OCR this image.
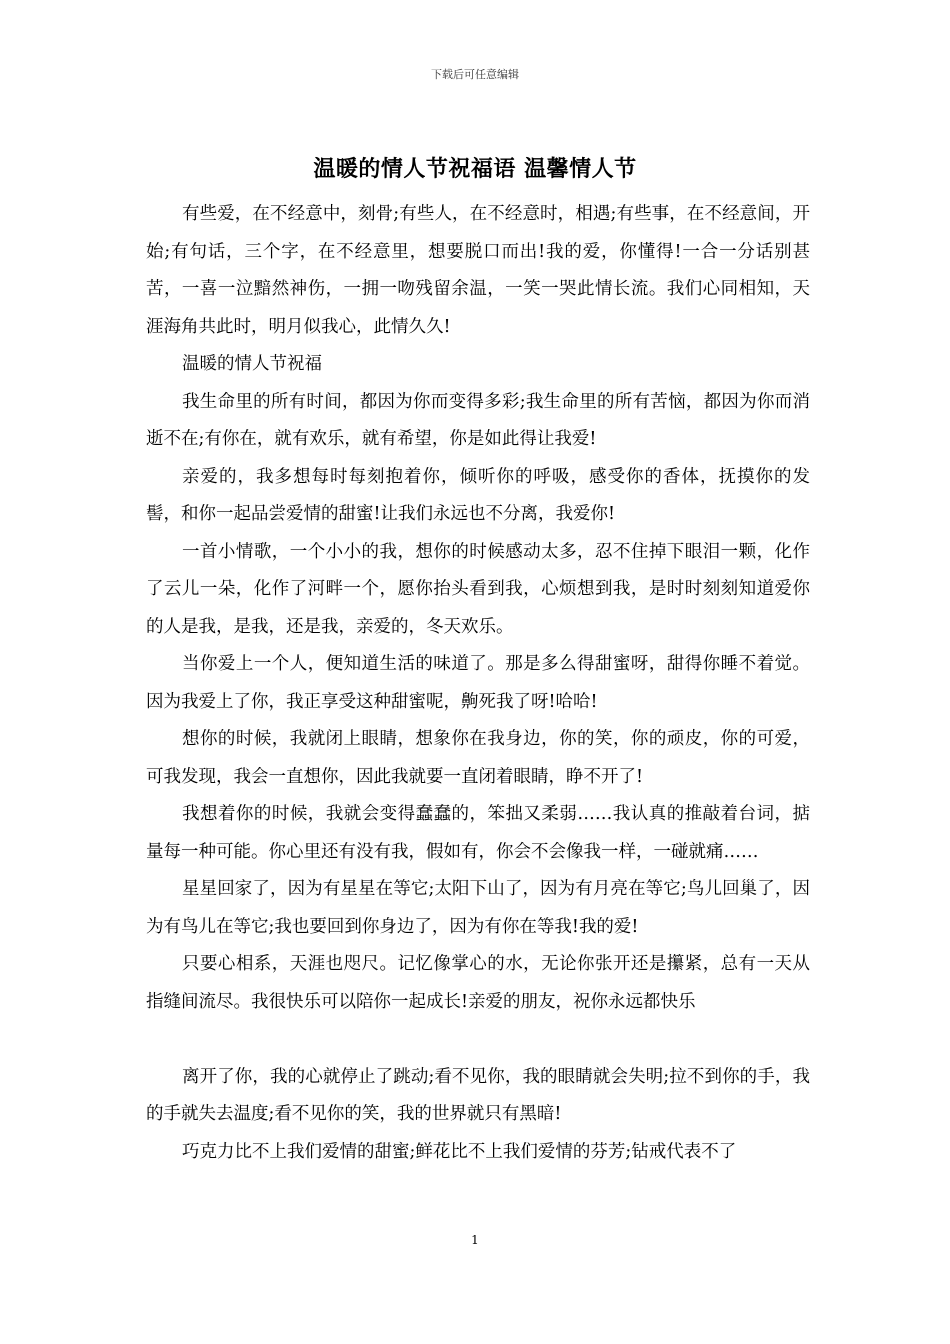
下载后可任意编辑
温暖的情人节祝福语 温馨情人节

有些爱，在不经意中，刻骨;有些人，在不经意时，相遇;有些事，在不经意间，开始;有句话，三个字，在不经意里，想要脱口而出!我的爱，你懂得!一合一分话别甚苦，一喜一泣黯然神伤，一拥一吻残留余温，一笑一哭此情长流。我们心同相知，天涯海角共此时，明月似我心，此情久久!

温暖的情人节祝福

我生命里的所有时间，都因为你而变得多彩;我生命里的所有苦恼，都因为你而消逝不在;有你在，就有欢乐，就有希望，你是如此得让我爱!

亲爱的，我多想每时每刻抱着你，倾听你的呼吸，感受你的香体，抚摸你的发髻，和你一起品尝爱情的甜蜜!让我们永远也不分离，我爱你!

一首小情歌，一个小小的我，想你的时候感动太多，忍不住掉下眼泪一颗，化作了云儿一朵，化作了河畔一个，愿你抬头看到我，心烦想到我，是时时刻刻知道爱你的人是我，是我，还是我，亲爱的，冬天欢乐。

当你爱上一个人，便知道生活的味道了。那是多么得甜蜜呀，甜得你睡不着觉。因为我爱上了你，我正享受这种甜蜜呢，齁死我了呀!哈哈!

想你的时候，我就闭上眼睛，想象你在我身边，你的笑，你的顽皮，你的可爱，可我发现，我会一直想你，因此我就要一直闭着眼睛，睁不开了!

我想着你的时候，我就会变得蠢蠢的，笨拙又柔弱……我认真的推敲着台词，掂量每一种可能。你心里还有没有我，假如有，你会不会像我一样，一碰就痛……

星星回家了，因为有星星在等它;太阳下山了，因为有月亮在等它;鸟儿回巢了，因为有鸟儿在等它;我也要回到你身边了，因为有你在等我!我的爱!

只要心相系，天涯也咫尺。记忆像掌心的水，无论你张开还是攥紧，总有一天从指缝间流尽。我很快乐可以陪你一起成长!亲爱的朋友，祝你永远都快乐

离开了你，我的心就停止了跳动;看不见你，我的眼睛就会失明;拉不到你的手，我的手就失去温度;看不见你的笑，我的世界就只有黑暗!

巧克力比不上我们爱情的甜蜜;鲜花比不上我们爱情的芬芳;钻戒代表不了

1
